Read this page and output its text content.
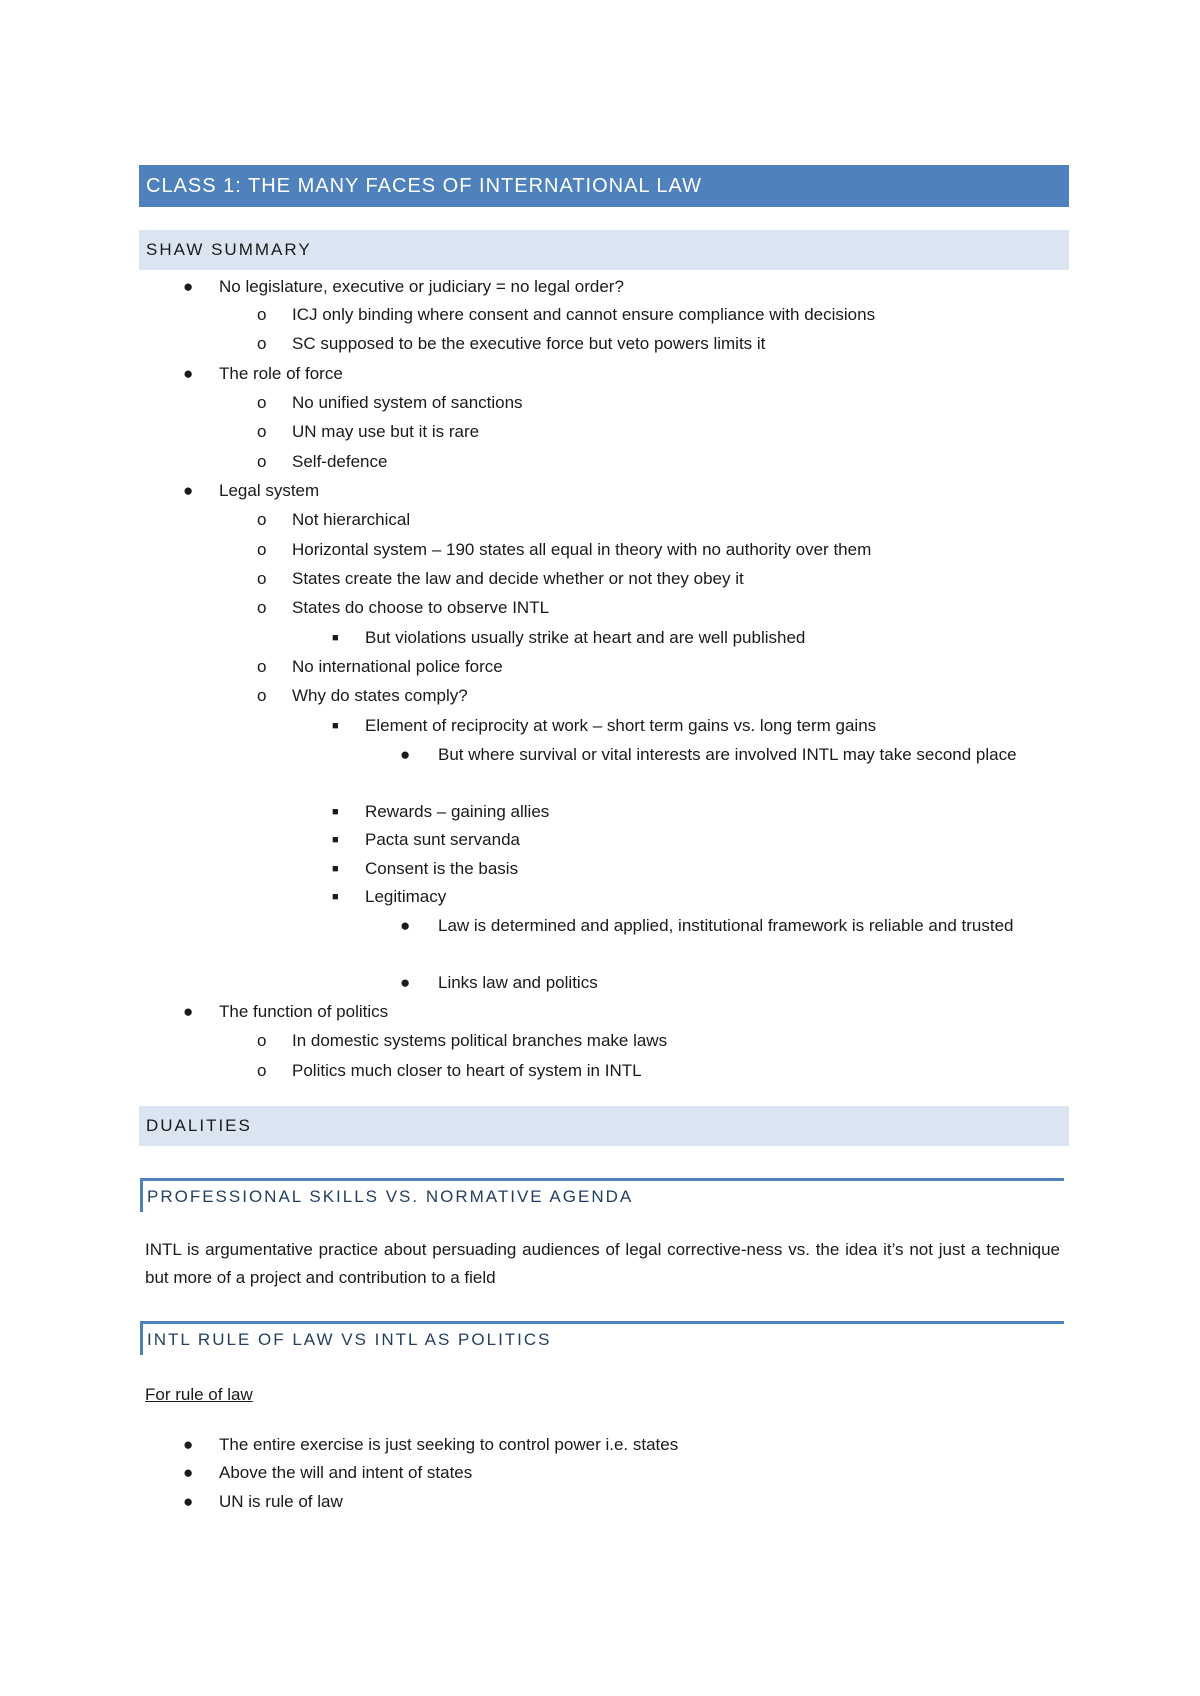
CLASS 1: THE MANY FACES OF INTERNATIONAL LAW
SHAW SUMMARY
● No legislature, executive or judiciary = no legal order?
o ICJ only binding where consent and cannot ensure compliance with decisions
o SC supposed to be the executive force but veto powers limits it
● The role of force
o No unified system of sanctions
o UN may use but it is rare
o Self-defence
● Legal system
o Not hierarchical
o Horizontal system – 190 states all equal in theory with no authority over them
o States create the law and decide whether or not they obey it
o States do choose to observe INTL
■ But violations usually strike at heart and are well published
o No international police force
o Why do states comply?
■ Element of reciprocity at work – short term gains vs. long term gains
● But where survival or vital interests are involved INTL may take second place
■ Rewards – gaining allies
■ Pacta sunt servanda
■ Consent is the basis
■ Legitimacy
● Law is determined and applied, institutional framework is reliable and trusted
● Links law and politics
● The function of politics
o In domestic systems political branches make laws
o Politics much closer to heart of system in INTL
DUALITIES
PROFESSIONAL SKILLS VS. NORMATIVE AGENDA
INTL is argumentative practice about persuading audiences of legal corrective-ness vs. the idea it’s not just a technique but more of a project and contribution to a field
INTL RULE OF LAW VS INTL AS POLITICS
For rule of law
● The entire exercise is just seeking to control power i.e. states
● Above the will and intent of states
● UN is rule of law
